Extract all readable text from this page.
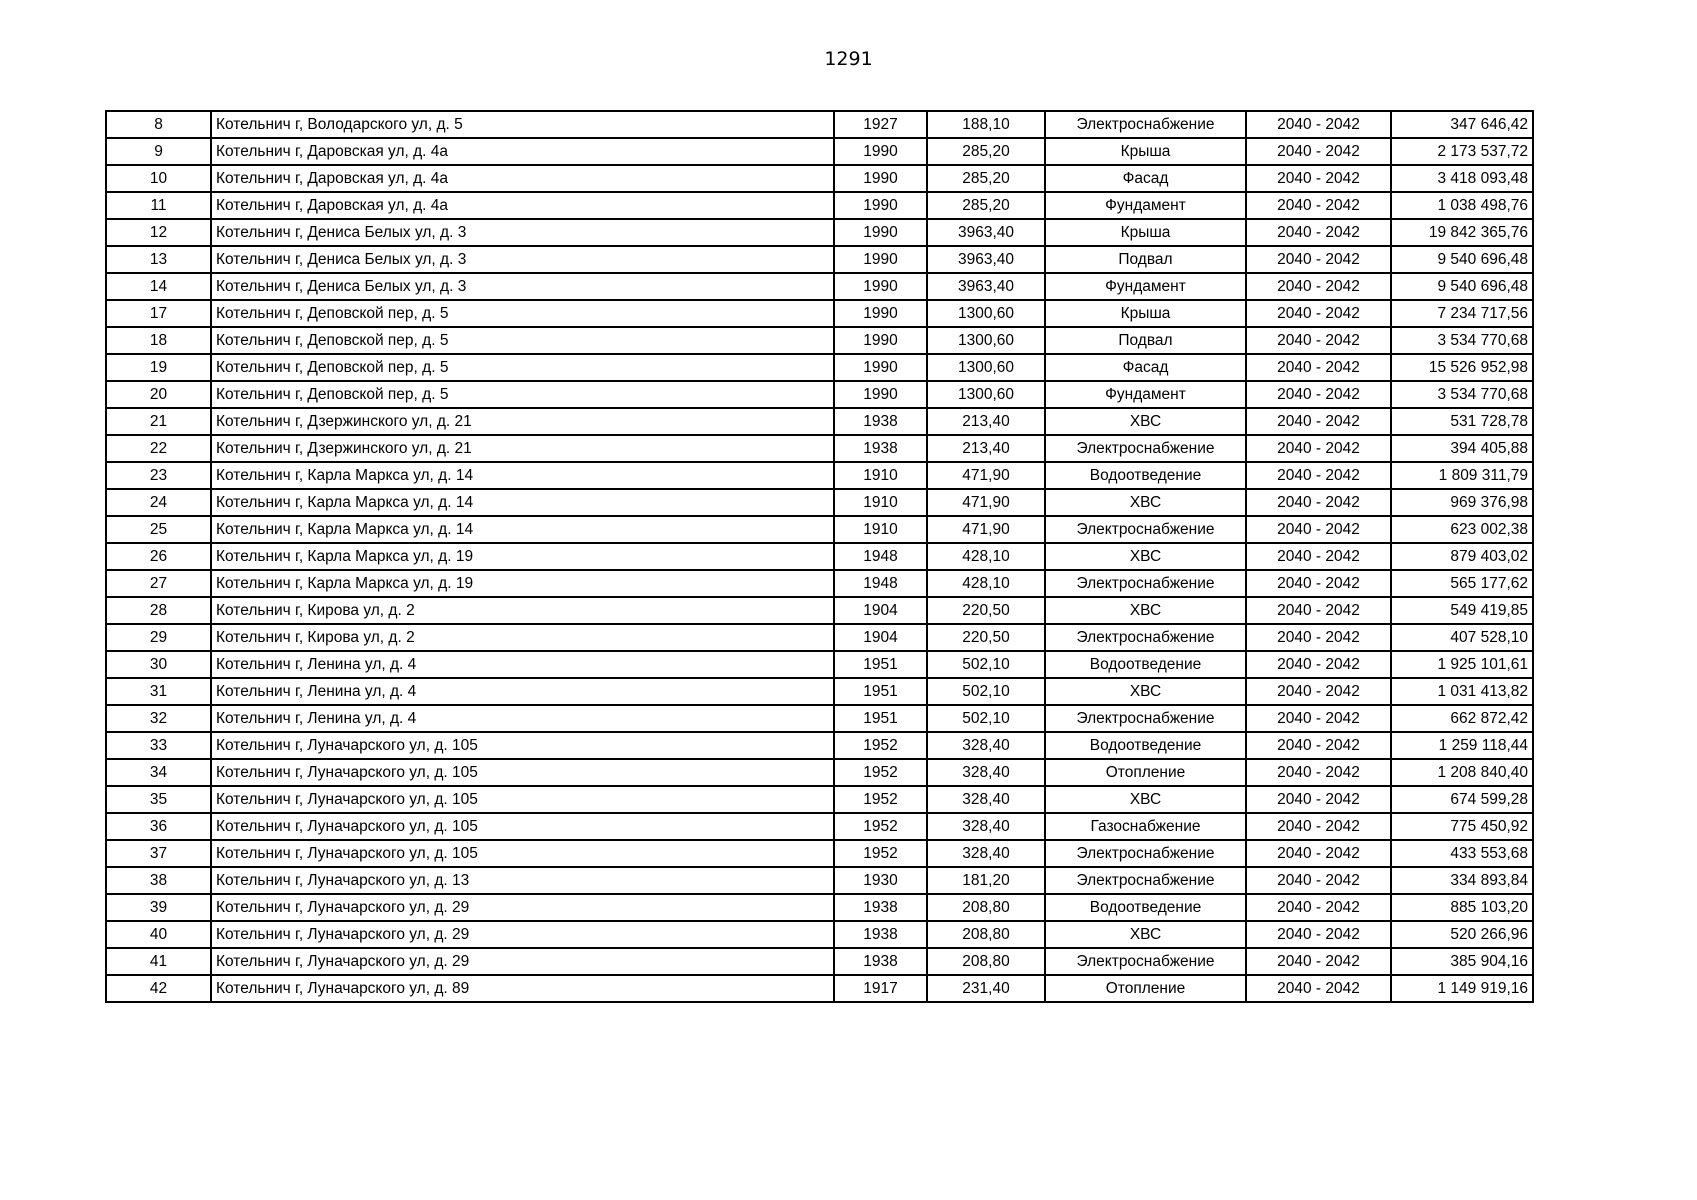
1291
8	Котельнич г, Володарского ул, д. 5	1927	188,10	Электроснабжение	2040 - 2042	347 646,42
9	Котельнич г, Даровская ул, д. 4а	1990	285,20	Крыша	2040 - 2042	2 173 537,72
10	Котельнич г, Даровская ул, д. 4а	1990	285,20	Фасад	2040 - 2042	3 418 093,48
11	Котельнич г, Даровская ул, д. 4а	1990	285,20	Фундамент	2040 - 2042	1 038 498,76
12	Котельнич г, Дениса Белых ул, д. 3	1990	3963,40	Крыша	2040 - 2042	19 842 365,76
13	Котельнич г, Дениса Белых ул, д. 3	1990	3963,40	Подвал	2040 - 2042	9 540 696,48
14	Котельнич г, Дениса Белых ул, д. 3	1990	3963,40	Фундамент	2040 - 2042	9 540 696,48
17	Котельнич г, Деповской пер, д. 5	1990	1300,60	Крыша	2040 - 2042	7 234 717,56
18	Котельнич г, Деповской пер, д. 5	1990	1300,60	Подвал	2040 - 2042	3 534 770,68
19	Котельнич г, Деповской пер, д. 5	1990	1300,60	Фасад	2040 - 2042	15 526 952,98
20	Котельнич г, Деповской пер, д. 5	1990	1300,60	Фундамент	2040 - 2042	3 534 770,68
21	Котельнич г, Дзержинского ул, д. 21	1938	213,40	ХВС	2040 - 2042	531 728,78
22	Котельнич г, Дзержинского ул, д. 21	1938	213,40	Электроснабжение	2040 - 2042	394 405,88
23	Котельнич г, Карла Маркса ул, д. 14	1910	471,90	Водоотведение	2040 - 2042	1 809 311,79
24	Котельнич г, Карла Маркса ул, д. 14	1910	471,90	ХВС	2040 - 2042	969 376,98
25	Котельнич г, Карла Маркса ул, д. 14	1910	471,90	Электроснабжение	2040 - 2042	623 002,38
26	Котельнич г, Карла Маркса ул, д. 19	1948	428,10	ХВС	2040 - 2042	879 403,02
27	Котельнич г, Карла Маркса ул, д. 19	1948	428,10	Электроснабжение	2040 - 2042	565 177,62
28	Котельнич г, Кирова ул, д. 2	1904	220,50	ХВС	2040 - 2042	549 419,85
29	Котельнич г, Кирова ул, д. 2	1904	220,50	Электроснабжение	2040 - 2042	407 528,10
30	Котельнич г, Ленина ул, д. 4	1951	502,10	Водоотведение	2040 - 2042	1 925 101,61
31	Котельнич г, Ленина ул, д. 4	1951	502,10	ХВС	2040 - 2042	1 031 413,82
32	Котельнич г, Ленина ул, д. 4	1951	502,10	Электроснабжение	2040 - 2042	662 872,42
33	Котельнич г, Луначарского ул, д. 105	1952	328,40	Водоотведение	2040 - 2042	1 259 118,44
34	Котельнич г, Луначарского ул, д. 105	1952	328,40	Отопление	2040 - 2042	1 208 840,40
35	Котельнич г, Луначарского ул, д. 105	1952	328,40	ХВС	2040 - 2042	674 599,28
36	Котельнич г, Луначарского ул, д. 105	1952	328,40	Газоснабжение	2040 - 2042	775 450,92
37	Котельнич г, Луначарского ул, д. 105	1952	328,40	Электроснабжение	2040 - 2042	433 553,68
38	Котельнич г, Луначарского ул, д. 13	1930	181,20	Электроснабжение	2040 - 2042	334 893,84
39	Котельнич г, Луначарского ул, д. 29	1938	208,80	Водоотведение	2040 - 2042	885 103,20
40	Котельнич г, Луначарского ул, д. 29	1938	208,80	ХВС	2040 - 2042	520 266,96
41	Котельнич г, Луначарского ул, д. 29	1938	208,80	Электроснабжение	2040 - 2042	385 904,16
42	Котельнич г, Луначарского ул, д. 89	1917	231,40	Отопление	2040 - 2042	1 149 919,16
